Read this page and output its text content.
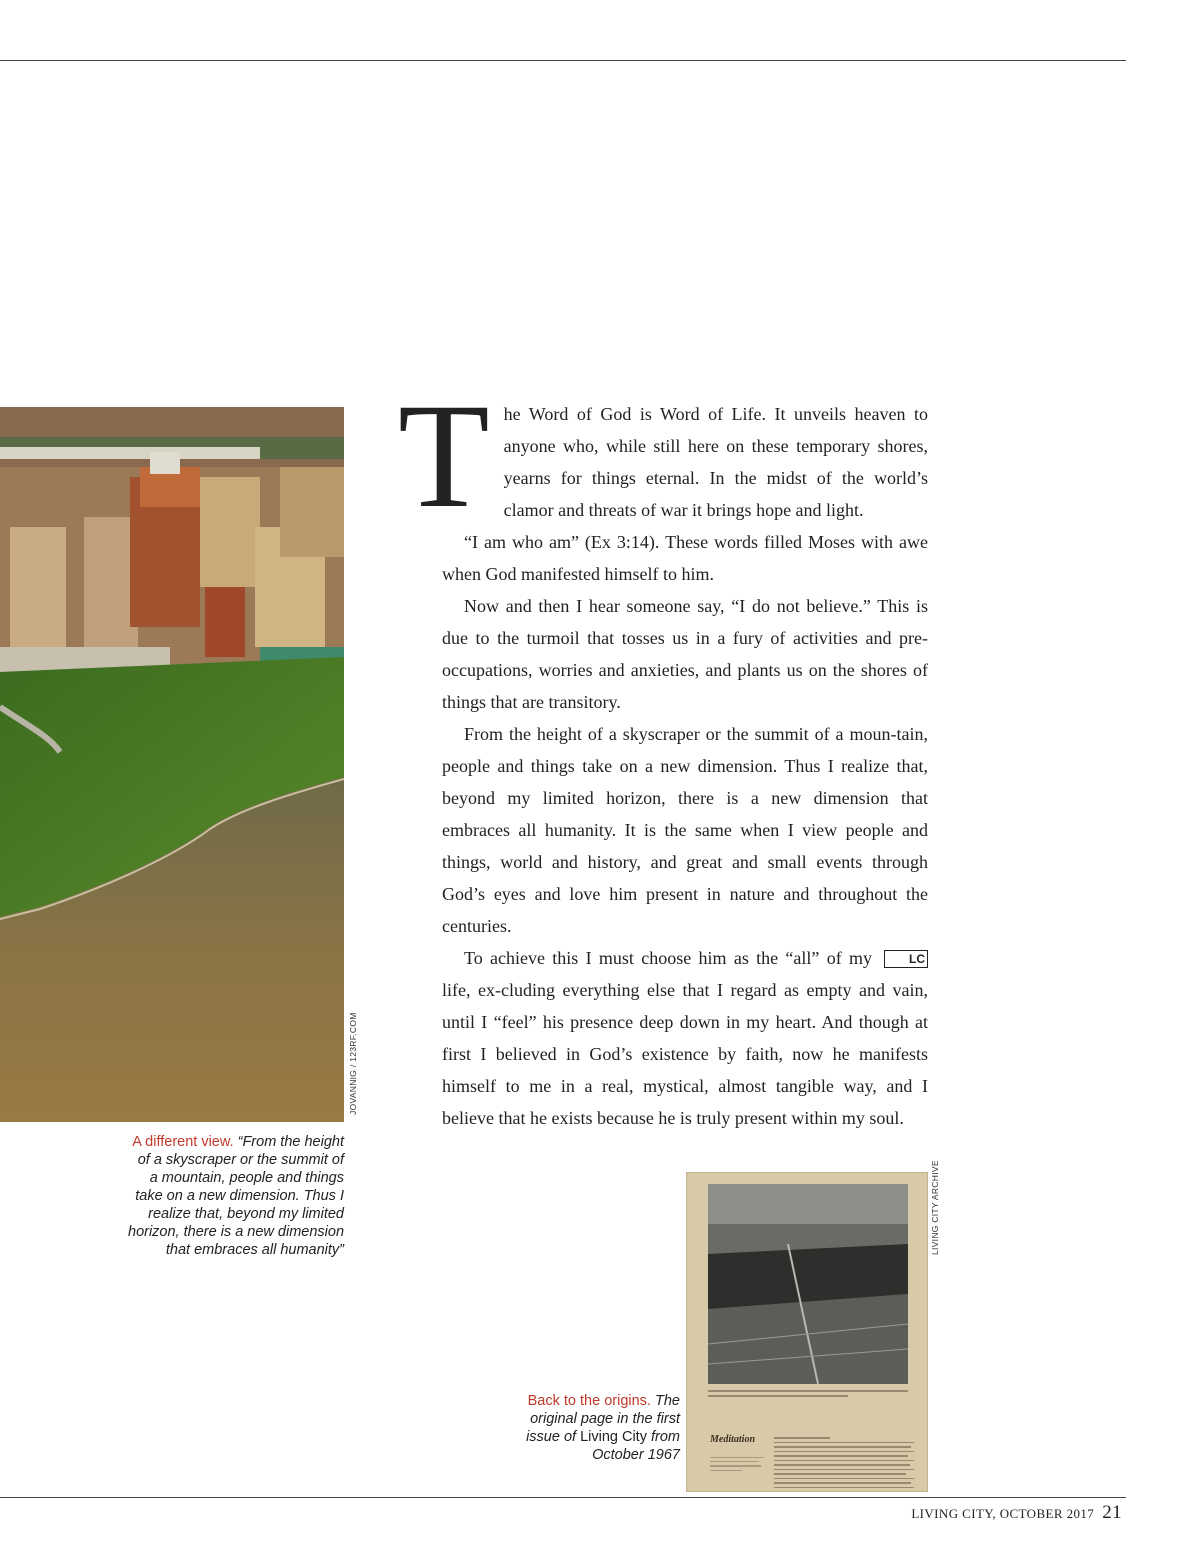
JOVANNIG / 123RF.COM
A different view. “From the height of a skyscraper or the summit of a mountain, people and things take on a new dimension. Thus I realize that, beyond my limited horizon, there is a new dimension that embraces all humanity”
T he Word of God is Word of Life. It unveils heaven to anyone who, while still here on these temporary shores, yearns for things eternal. In the midst of the world’s clamor and threats of war it brings hope and light.

“I am who am” (Ex 3:14). These words filled Moses with awe when God manifested himself to him.

Now and then I hear someone say, “I do not believe.” This is due to the turmoil that tosses us in a fury of activities and pre-occupations, worries and anxieties, and plants us on the shores of things that are transitory.

From the height of a skyscraper or the summit of a moun-tain, people and things take on a new dimension. Thus I realize that, beyond my limited horizon, there is a new dimension that embraces all humanity. It is the same when I view people and things, world and history, and great and small events through God’s eyes and love him present in nature and throughout the centuries.

LC
To achieve this I must choose him as the “all” of my life, ex-cluding everything else that I regard as empty and vain, until I “feel” his presence deep down in my heart. And though at first I believed in God’s existence by faith, now he manifests himself to me in a real, mystical, almost tangible way, and I believe that he exists because he is truly present within my soul.

Meditation
LIVING CITY ARCHIVE
Back to the origins. The original page in the first issue of Living City from October 1967
LIVING CITY, OCTOBER 2017 21
